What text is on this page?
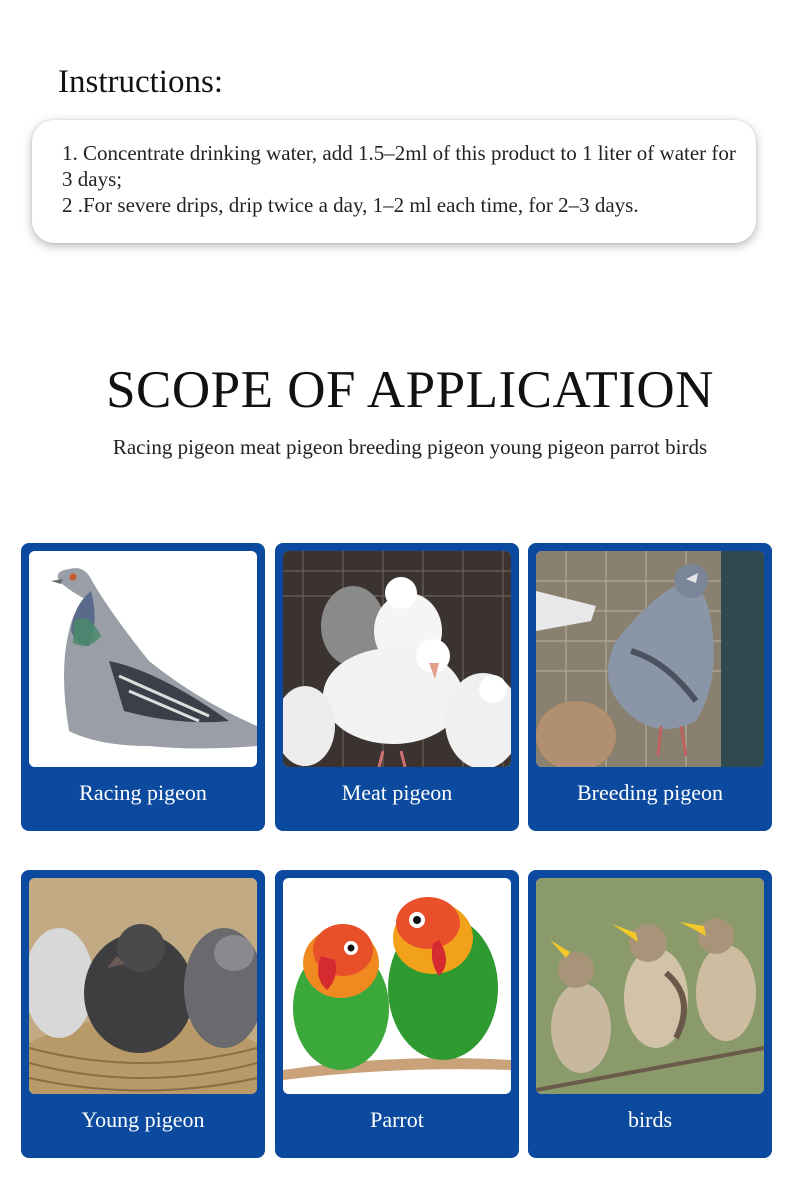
Instructions:

1. Concentrate drinking water, add 1.5–2ml of this product to 1 liter of water for 3 days;

2 .For severe drips, drip twice a day, 1–2 ml each time, for 2–3 days.

SCOPE OF APPLICATION
Racing pigeon meat pigeon breeding pigeon young pigeon parrot birds
Racing pigeon	Meat pigeon	Breeding pigeon
Young pigeon	Parrot	birds
